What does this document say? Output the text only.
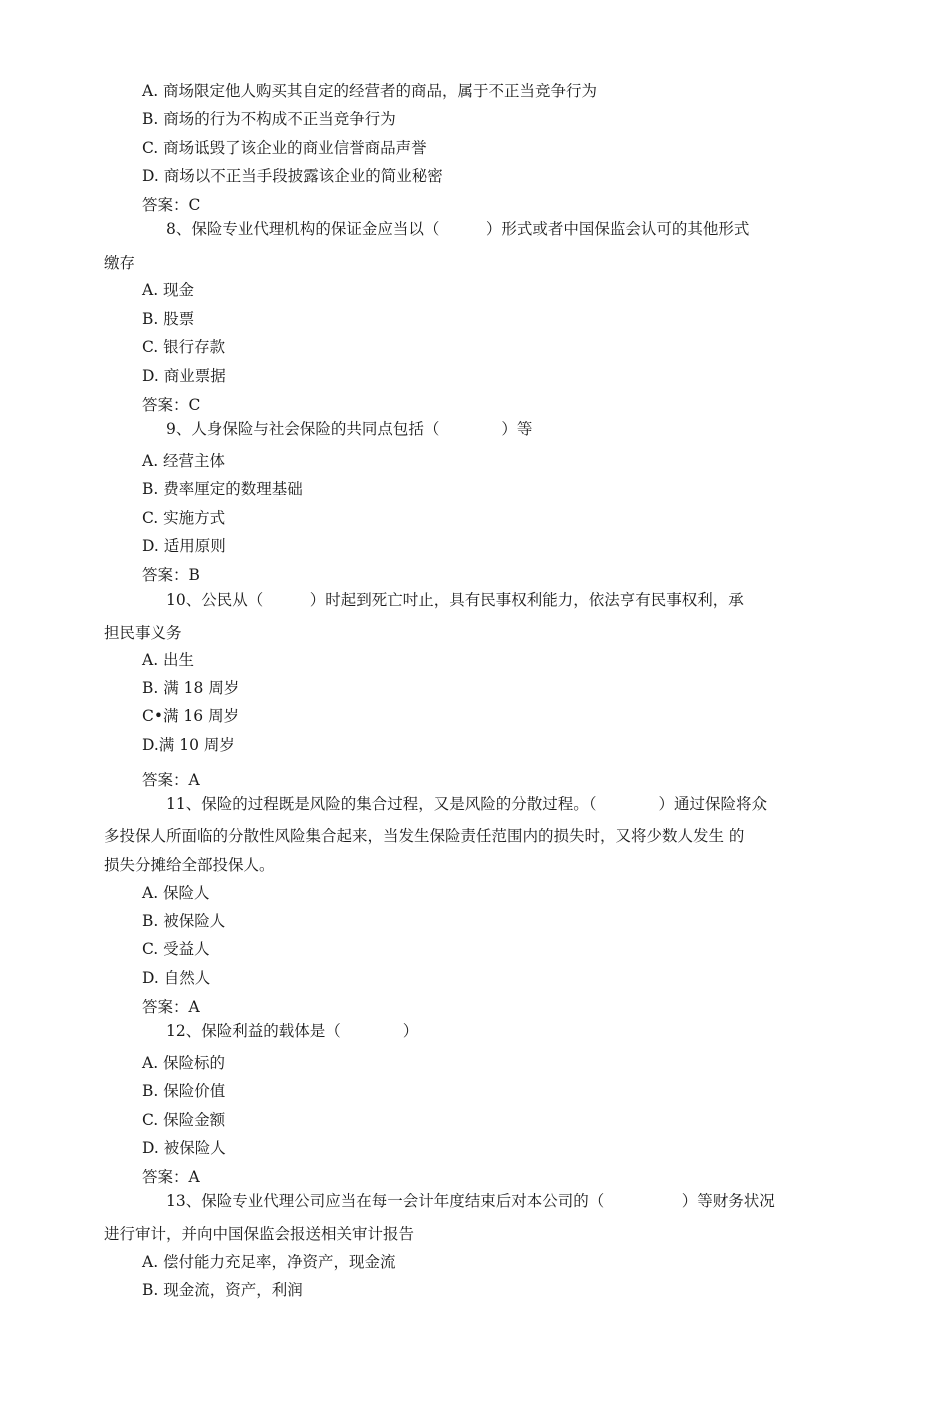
A. 商场限定他人购买其自定的经营者的商品，属于不正当竞争行为
B. 商场的行为不构成不正当竞争行为
C. 商场诋毁了该企业的商业信誉商品声誉
D. 商场以不正当手段披露该企业的简业秘密
答案：C
8、保险专业代理机构的保证金应当以（　　　）形式或者中国保监会认可的其他形式
缴存
A. 现金
B. 股票
C. 银行存款
D. 商业票据
答案：C
9、人身保险与社会保险的共同点包括（　　　　）等
A. 经营主体
B. 费率厘定的数理基础
C. 实施方式
D. 适用原则
答案：B
10、公民从（　　　）时起到死亡吋止，具有民事权利能力，依法亨有民事权利，承
担民事义务
A. 出生
B. 满 18 周岁
C•满 16 周岁
D.满 10 周岁
答案：A
11、保险的过程既是风险的集合过程，又是风险的分散过程。（　　　　）通过保险将众
多投保人所面临的分散性风险集合起来，当发生保险责任范围内的损失时，又将少数人发生 的
损失分摊给全部投保人。
A. 保险人
B. 被保险人
C. 受益人
D. 自然人
答案：A
12、保险利益的载体是（　　　　）
A. 保险标的
B. 保险价值
C. 保险金额
D. 被保险人
答案：A
13、保险专业代理公司应当在每一会计年度结束后对本公司的（　　　　　）等财务状况
进行审计，并向中国保监会报送相关审计报告
A. 偿付能力充足率，净资产，现金流
B. 现金流，资产，利润
